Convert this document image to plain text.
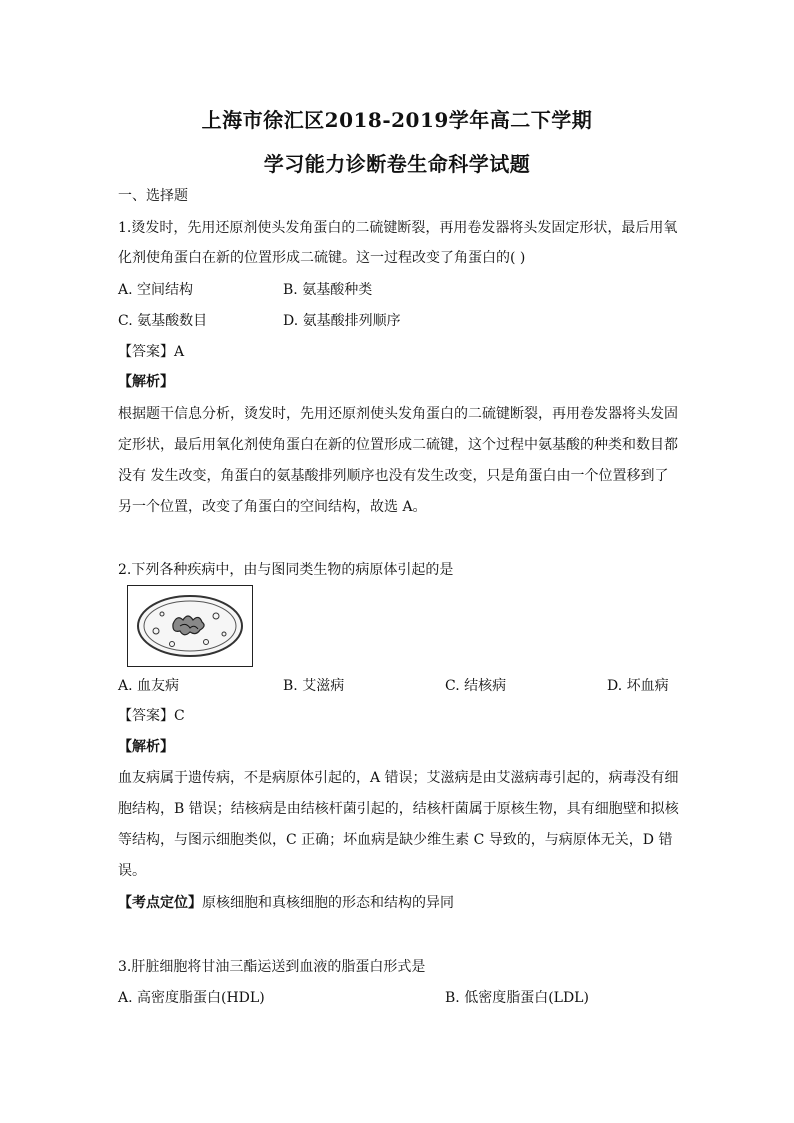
上海市徐汇区2018-2019学年高二下学期
学习能力诊断卷生命科学试题
一、选择题
1.烫发时，先用还原剂使头发角蛋白的二硫键断裂，再用卷发器将头发固定形状，最后用氧
化剂使角蛋白在新的位置形成二硫键。这一过程改变了角蛋白的( )
A. 空间结构	B. 氨基酸种类
C. 氨基酸数目	D. 氨基酸排列顺序
【答案】A
【解析】
根据题干信息分析，烫发时，先用还原剂使头发角蛋白的二硫键断裂，再用卷发器将头发固
定形状，最后用氧化剂使角蛋白在新的位置形成二硫键，这个过程中氨基酸的种类和数目都
没有 发生改变，角蛋白的氨基酸排列顺序也没有发生改变，只是角蛋白由一个位置移到了
另一个位置，改变了角蛋白的空间结构，故选 A。
2.下列各种疾病中，由与图同类生物的病原体引起的是
A. 血友病	B. 艾滋病	C. 结核病	D. 坏血病
【答案】C
【解析】
血友病属于遗传病，不是病原体引起的，A 错误；艾滋病是由艾滋病毒引起的，病毒没有细
胞结构，B 错误；结核病是由结核杆菌引起的，结核杆菌属于原核生物，具有细胞壁和拟核
等结构，与图示细胞类似，C 正确；坏血病是缺少维生素 C 导致的，与病原体无关，D 错
误。
【考点定位】原核细胞和真核细胞的形态和结构的异同
3.肝脏细胞将甘油三酯运送到血液的脂蛋白形式是
A. 高密度脂蛋白(HDL)	B. 低密度脂蛋白(LDL)
